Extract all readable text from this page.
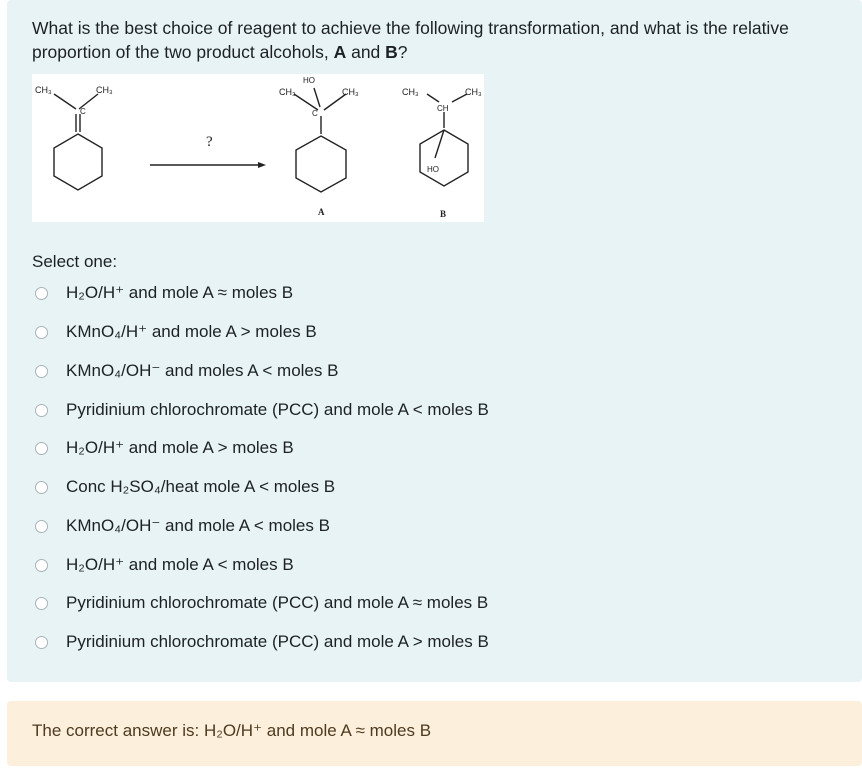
What is the best choice of reagent to achieve the following transformation, and what is the relative
proportion of the two product alcohols, A and B?
CH₃	CH₃
C
?
HO
CH₃	CH₃
C
A
CH₃	CH₃
CH
HO
B
Select one:
H₂O/H⁺ and mole A ≈ moles B
KMnO₄/H⁺ and mole A > moles B
KMnO₄/OH⁻ and moles A < moles B
Pyridinium chlorochromate (PCC) and mole A < moles B
H₂O/H⁺ and mole A > moles B
Conc H₂SO₄/heat mole A < moles B
KMnO₄/OH⁻ and mole A < moles B
H₂O/H⁺ and mole A < moles B
Pyridinium chlorochromate (PCC) and mole A ≈ moles B
Pyridinium chlorochromate (PCC) and mole A > moles B
The correct answer is: H₂O/H⁺ and mole A ≈ moles B
